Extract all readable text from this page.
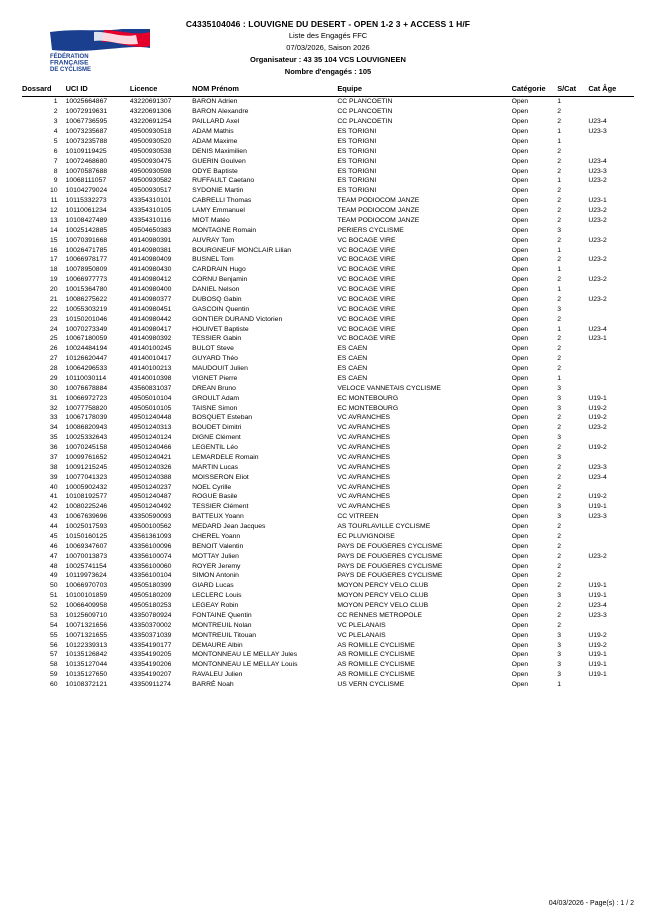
FÉDÉRATION
FRANÇAISE
DE CYCLISME
C4335104046 : LOUVIGNE DU DESERT - OPEN 1-2 3 + ACCESS 1 H/F
Liste des Engagés FFC
07/03/2026, Saison 2026
Organisateur : 43 35 104 VCS LOUVIGNEEN
Nombre d'engagés : 105
Dossard	UCI ID	Licence	NOM Prénom	Equipe	Catégorie	S/Cat	Cat Âge
1	10025664867	43220691307	BARON Adrien	CC PLANCOETIN	Open	1	
2	10072919631	43220691306	BARON Alexandre	CC PLANCOETIN	Open	2	
3	10067736595	43220691254	PAILLARD Axel	CC PLANCOETIN	Open	2	U23-4
4	10073235687	49500930518	ADAM Mathis	ES TORIGNI	Open	1	U23-3
5	10073235788	49500930520	ADAM Maxime	ES TORIGNI	Open	1	
6	10109119425	49500930538	DENIS Maximilien	ES TORIGNI	Open	2	
7	10072468680	49500930475	GUERIN Goulven	ES TORIGNI	Open	2	U23-4
8	10070587688	49500930598	ODYE Baptiste	ES TORIGNI	Open	2	U23-3
9	10068111057	49500930582	RUFFAULT Caetano	ES TORIGNI	Open	1	U23-2
10	10104279024	49500930517	SYDONIE Martin	ES TORIGNI	Open	2	
11	10115332273	43354310101	CABRELLI Thomas	TEAM PODIOCOM JANZE	Open	2	U23-1
12	10110061234	43354310105	LAMY Emmanuel	TEAM PODIOCOM JANZE	Open	2	U23-2
13	10108427489	43354310116	MIOT Matéo	TEAM PODIOCOM JANZE	Open	2	U23-2
14	10025142885	49504650383	MONTAGNE Romain	PERIERS CYCLISME	Open	3	
15	10070391668	49140980391	AUVRAY Tom	VC BOCAGE VIRE	Open	2	U23-2
16	10026471785	49140980381	BOURGNEUF MONCLAIR Lilian	VC BOCAGE VIRE	Open	1	
17	10066978177	49140980409	BUSNEL Tom	VC BOCAGE VIRE	Open	2	U23-2
18	10078950809	49140980430	CARDRAIN Hugo	VC BOCAGE VIRE	Open	1	
19	10066977773	49140980412	CORNU Benjamin	VC BOCAGE VIRE	Open	2	U23-2
20	10015364780	49140980400	DANIEL Nelson	VC BOCAGE VIRE	Open	1	
21	10086275622	49140980377	DUBOSQ Gabin	VC BOCAGE VIRE	Open	2	U23-2
22	10055303219	49140980451	GASCOIN Quentin	VC BOCAGE VIRE	Open	3	
23	10150201046	49140980442	GONTIER DURAND Victorien	VC BOCAGE VIRE	Open	2	
24	10070273349	49140980417	HOUIVET Baptiste	VC BOCAGE VIRE	Open	1	U23-4
25	10067180059	49140980392	TESSIER Gabin	VC BOCAGE VIRE	Open	2	U23-1
26	10024484194	49140100245	BULOT Steve	ES CAEN	Open	2	
27	10126620447	49140010417	GUYARD Théo	ES CAEN	Open	2	
28	10064296533	49140100213	MAUDOUIT Julien	ES CAEN	Open	2	
29	10110030114	49140010398	VIGNET Pierre	ES CAEN	Open	1	
30	10076678884	43560831037	DREAN Bruno	VELOCE VANNETAIS CYCLISME	Open	3	
31	10066972723	49505010104	GROULT Adam	EC MONTEBOURG	Open	3	U19-1
32	10077758820	49505010105	TAISNE Simon	EC MONTEBOURG	Open	3	U19-2
33	10067178039	49501240448	BOSQUET Esteban	VC AVRANCHES	Open	2	U19-2
34	10086820943	49501240313	BOUDET Dimitri	VC AVRANCHES	Open	2	U23-2
35	10025332643	49501240124	DIGNE Clément	VC AVRANCHES	Open	3	
36	10070245158	49501240466	LEGENTIL Léo	VC AVRANCHES	Open	2	U19-2
37	10099761652	49501240421	LEMARDELE Romain	VC AVRANCHES	Open	3	
38	10091215245	49501240326	MARTIN Lucas	VC AVRANCHES	Open	2	U23-3
39	10077041323	49501240388	MOISSERON Eliot	VC AVRANCHES	Open	2	U23-4
40	10005902432	49501240237	NOEL Cyrille	VC AVRANCHES	Open	2	
41	10108192577	49501240487	ROGUE Basile	VC AVRANCHES	Open	2	U19-2
42	10080225246	49501240492	TESSIER Clément	VC AVRANCHES	Open	3	U19-1
43	10067639696	43350590093	BATTEUX Yoann	CC VITREEN	Open	3	U23-3
44	10025017593	49500100562	MEDARD Jean Jacques	AS TOURLAVILLE CYCLISME	Open	2	
45	10150160125	43561361093	CHEREL Yoann	EC PLUVIGNOISE	Open	2	
46	10069347607	43356100096	BENOIT Valentin	PAYS DE FOUGERES CYCLISME	Open	2	
47	10070013873	43356100074	MOTTAY Julien	PAYS DE FOUGERES CYCLISME	Open	2	U23-2
48	10025741154	43356100060	ROYER Jeremy	PAYS DE FOUGERES CYCLISME	Open	2	
49	10119973624	43356100104	SIMON Antonin	PAYS DE FOUGERES CYCLISME	Open	2	
50	10066970703	49505180399	GIARD Lucas	MOYON PERCY VELO CLUB	Open	2	U19-1
51	10100101859	49505180209	LECLERC Louis	MOYON PERCY VELO CLUB	Open	3	U19-1
52	10066409958	49505180253	LEGEAY Robin	MOYON PERCY VELO CLUB	Open	2	U23-4
53	10125609710	43350780924	FONTAINE Quentin	CC RENNES METROPOLE	Open	2	U23-3
54	10071321656	43350370002	MONTREUIL Nolan	VC PLELANAIS	Open	2	
55	10071321655	43350371039	MONTREUIL Titouan	VC PLELANAIS	Open	3	U19-2
56	10122339313	43354190177	DEMAURE Albin	AS ROMILLE CYCLISME	Open	3	U19-2
57	10135126842	43354190205	MONTONNEAU LE MELLAY Jules	AS ROMILLE CYCLISME	Open	3	U19-1
58	10135127044	43354190206	MONTONNEAU LE MELLAY Louis	AS ROMILLE CYCLISME	Open	3	U19-1
59	10135127650	43354190207	RAVALEU Julien	AS ROMILLE CYCLISME	Open	3	U19-1
60	10108372121	43350911274	BARRÉ Noah	US VERN CYCLISME	Open	1	
04/03/2026 - Page(s) : 1 / 2
